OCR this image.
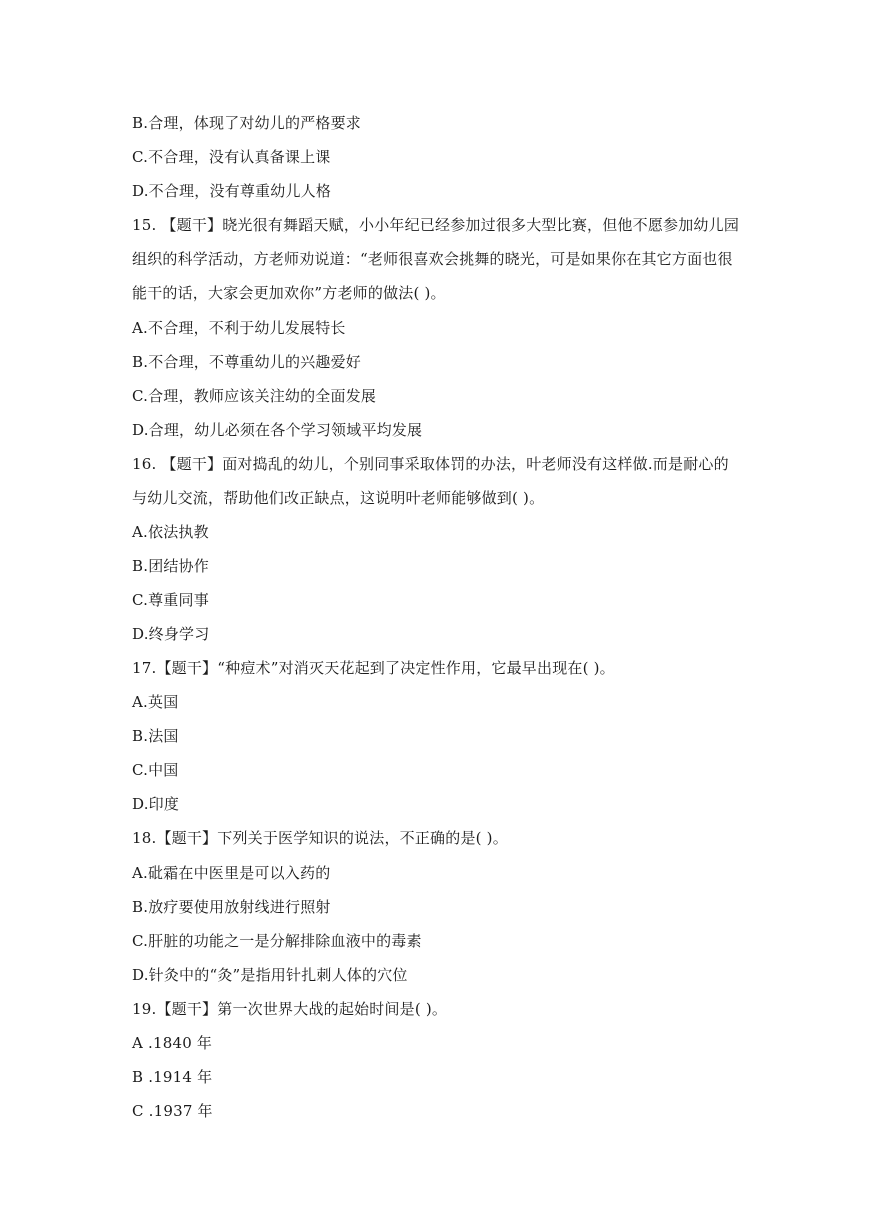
B.合理，体现了对幼儿的严格要求
C.不合理，没有认真备课上课
D.不合理，没有尊重幼儿人格
15. 【题干】晓光很有舞蹈天赋，小小年纪已经参加过很多大型比赛，但他不愿参加幼儿园
组织的科学活动，方老师劝说道：“老师很喜欢会挑舞的晓光，可是如果你在其它方面也很
能干的话，大家会更加欢你”方老师的做法( )。
A.不合理，不利于幼儿发展特长
B.不合理，不尊重幼儿的兴趣爱好
C.合理，教师应该关注幼的全面发展
D.合理，幼儿必须在各个学习领域平均发展
16. 【题干】面对捣乱的幼儿，个别同事采取体罚的办法，叶老师没有这样做.而是耐心的
与幼儿交流，帮助他们改正缺点，这说明叶老师能够做到( )。
A.依法执教
B.团结协作
C.尊重同事
D.终身学习
17.【题干】“种痘术”对消灭天花起到了决定性作用，它最早出现在( )。
A.英国
B.法国
C.中国
D.印度
18.【题干】下列关于医学知识的说法，不正确的是( )。
A.砒霜在中医里是可以入药的
B.放疗要使用放射线进行照射
C.肝脏的功能之一是分解排除血液中的毒素
D.针灸中的“灸”是指用针扎刺人体的穴位
19.【题干】第一次世界大战的起始时间是( )。
A .1840 年
B .1914 年
C .1937 年
